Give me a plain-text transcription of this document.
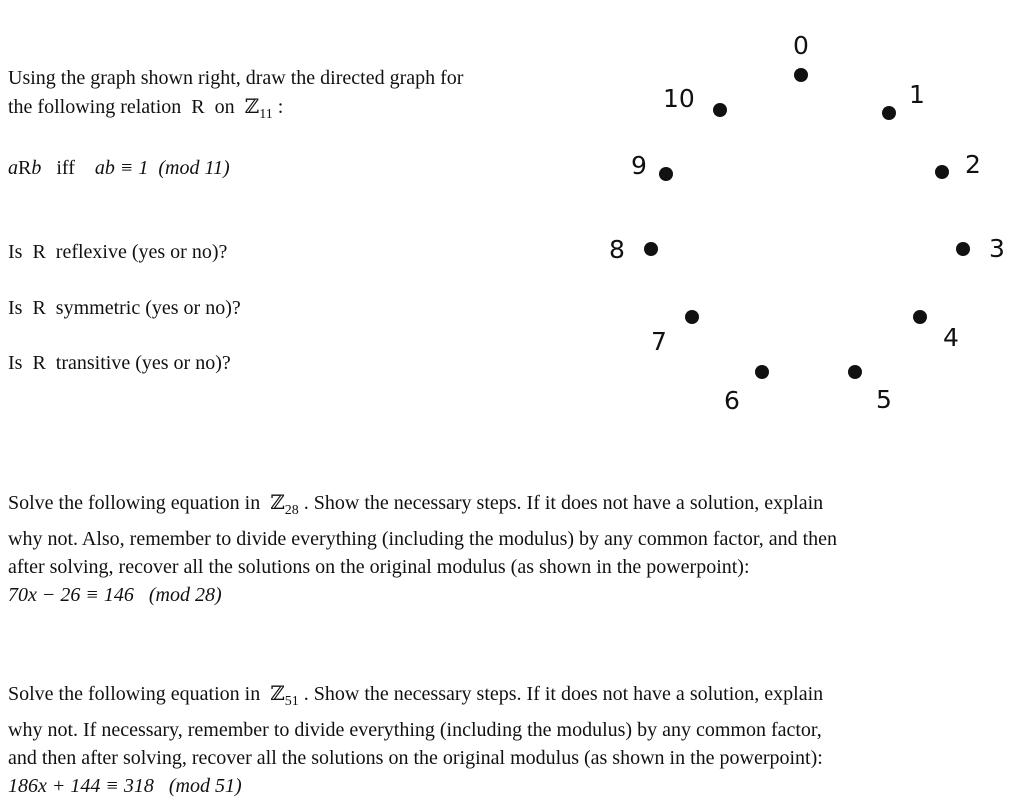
Using the graph shown right, draw the directed graph for
the following relation R on ℤ$_{11}$ :
aRb iff ab ≡ 1 (mod 11)
Is R reflexive (yes or no)?
Is R symmetric (yes or no)?
Is R transitive (yes or no)?
0
1
2
3
4
5
6
7
8
9
10
Solve the following equation in ℤ$_{28}$ . Show the necessary steps. If it does not have a solution, explain
why not. Also, remember to divide everything (including the modulus) by any common factor, and then
after solving, recover all the solutions on the original modulus (as shown in the powerpoint):
70x − 26 ≡ 146 (mod 28)
Solve the following equation in ℤ$_{51}$ . Show the necessary steps. If it does not have a solution, explain
why not. If necessary, remember to divide everything (including the modulus) by any common factor,
and then after solving, recover all the solutions on the original modulus (as shown in the powerpoint):
186x + 144 ≡ 318 (mod 51)
